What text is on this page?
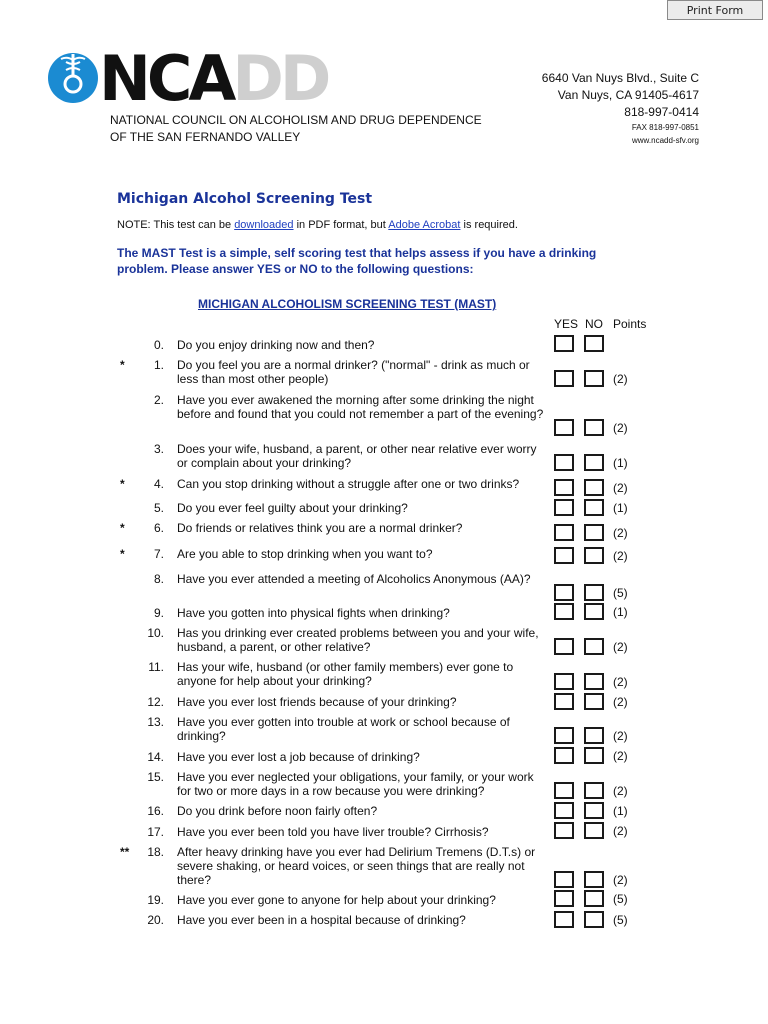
Print Form
NCADD
NATIONAL COUNCIL ON ALCOHOLISM AND DRUG DEPENDENCE
OF THE SAN FERNANDO VALLEY
6640 Van Nuys Blvd., Suite C
Van Nuys, CA 91405-4617
818-997-0414
FAX 818-997-0851
www.ncadd-sfv.org
Michigan Alcohol Screening Test
NOTE: This test can be downloaded in PDF format, but Adobe Acrobat is required.
The MAST Test is a simple, self scoring test that helps assess if you have a drinking problem. Please answer YES or NO to the following questions:
MICHIGAN ALCOHOLISM SCREENING TEST (MAST)
YES NO Points
0. Do you enjoy drinking now and then?
*	1. Do you feel you are a normal drinker? ("normal" - drink as much or less than most other people)	(2)
2. Have you ever awakened the morning after some drinking the night before and found that you could not remember a part of the evening?
(2)
3. Does your wife, husband, a parent, or other near relative ever worry or complain about your drinking?	(1)
*	4. Can you stop drinking without a struggle after one or two drinks?	(2)
5. Do you ever feel guilty about your drinking?	(1)
*	6. Do friends or relatives think you are a normal drinker?	(2)
*	7. Are you able to stop drinking when you want to?	(2)
8. Have you ever attended a meeting of Alcoholics Anonymous (AA)?
(5)
9. Have you gotten into physical fights when drinking?	(1)
10. Has you drinking ever created problems between you and your wife, husband, a parent, or other relative?	(2)
11. Has your wife, husband (or other family members) ever gone to anyone for help about your drinking?	(2)
12. Have you ever lost friends because of your drinking?	(2)
13. Have you ever gotten into trouble at work or school because of drinking?	(2)
14. Have you ever lost a job because of drinking?	(2)
15. Have you ever neglected your obligations, your family, or your work for two or more days in a row because you were drinking?	(2)
16. Do you drink before noon fairly often?	(1)
17. Have you ever been told you have liver trouble? Cirrhosis?	(2)
**	18. After heavy drinking have you ever had Delirium Tremens (D.T.s) or severe shaking, or heard voices, or seen things that are really not there?	(2)
19. Have you ever gone to anyone for help about your drinking?	(5)
20. Have you ever been in a hospital because of drinking?	(5)
